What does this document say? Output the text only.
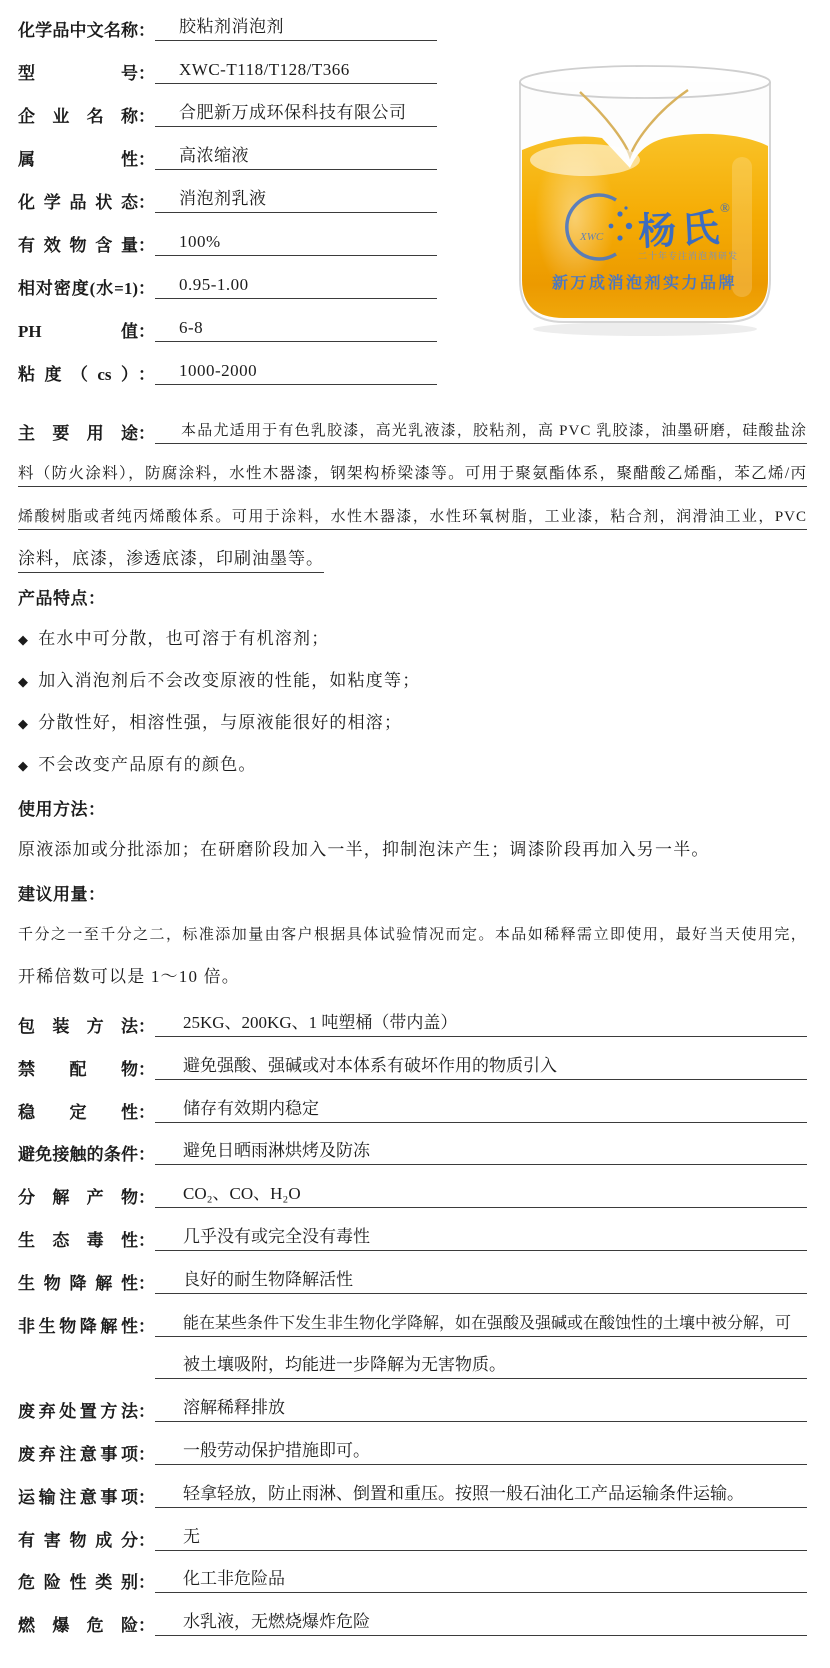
化学品中文名称 ：	胶粘剂消泡剂
型号 ：	XWC-T118/T128/T366
企业名称 ：	合肥新万成环保科技有限公司
属性 ：	高浓缩液
化学品状态 ：	消泡剂乳液
有效物含量 ：	100%
相对密度(水=1) ：	0.95-1.00
PH值 ：	6-8
粘度（cs） ：	1000-2000
XWC 杨氏
®
二十年专注消泡剂研发
新万成消泡剂实力品牌
主要用途 ：	本品尤适用于有色乳胶漆，高光乳液漆，胶粘剂，高 PVC 乳胶漆，油墨研磨，硅酸盐涂
料（防火涂料），防腐涂料，水性木器漆，钢架构桥梁漆等。可用于聚氨酯体系，聚醋酸乙烯酯，苯乙烯/丙
烯酸树脂或者纯丙烯酸体系。可用于涂料，水性木器漆，水性环氧树脂，工业漆，粘合剂，润滑油工业，PVC
涂料，底漆，渗透底漆，印刷油墨等。
产品特点：
◆ 在水中可分散，也可溶于有机溶剂；
◆ 加入消泡剂后不会改变原液的性能，如粘度等；
◆ 分散性好，相溶性强，与原液能很好的相溶；
◆ 不会改变产品原有的颜色。
使用方法：
原液添加或分批添加；在研磨阶段加入一半，抑制泡沫产生；调漆阶段再加入另一半。
建议用量：
千分之一至千分之二，标准添加量由客户根据具体试验情况而定。本品如稀释需立即使用，最好当天使用完，
开稀倍数可以是 1～10 倍。
包装方法 ：	25KG、200KG、1 吨塑桶（带内盖）
禁配物 ：	避免强酸、强碱或对本体系有破坏作用的物质引入
稳定性 ：	储存有效期内稳定
避免接触的条件 ：	避免日晒雨淋烘烤及防冻
分解产物 ：	CO₂、CO、H₂O
生态毒性 ：	几乎没有或完全没有毒性
生物降解性 ：	良好的耐生物降解活性
非生物降解性 ：	能在某些条件下发生非生物化学降解，如在强酸及强碱或在酸蚀性的土壤中被分解，可
被土壤吸附，均能进一步降解为无害物质。
废弃处置方法 ：	溶解稀释排放
废弃注意事项 ：	一般劳动保护措施即可。
运输注意事项 ：	轻拿轻放，防止雨淋、倒置和重压。按照一般石油化工产品运输条件运输。
有害物成分 ：	无
危险性类别 ：	化工非危险品
燃爆危险 ：	水乳液，无燃烧爆炸危险
